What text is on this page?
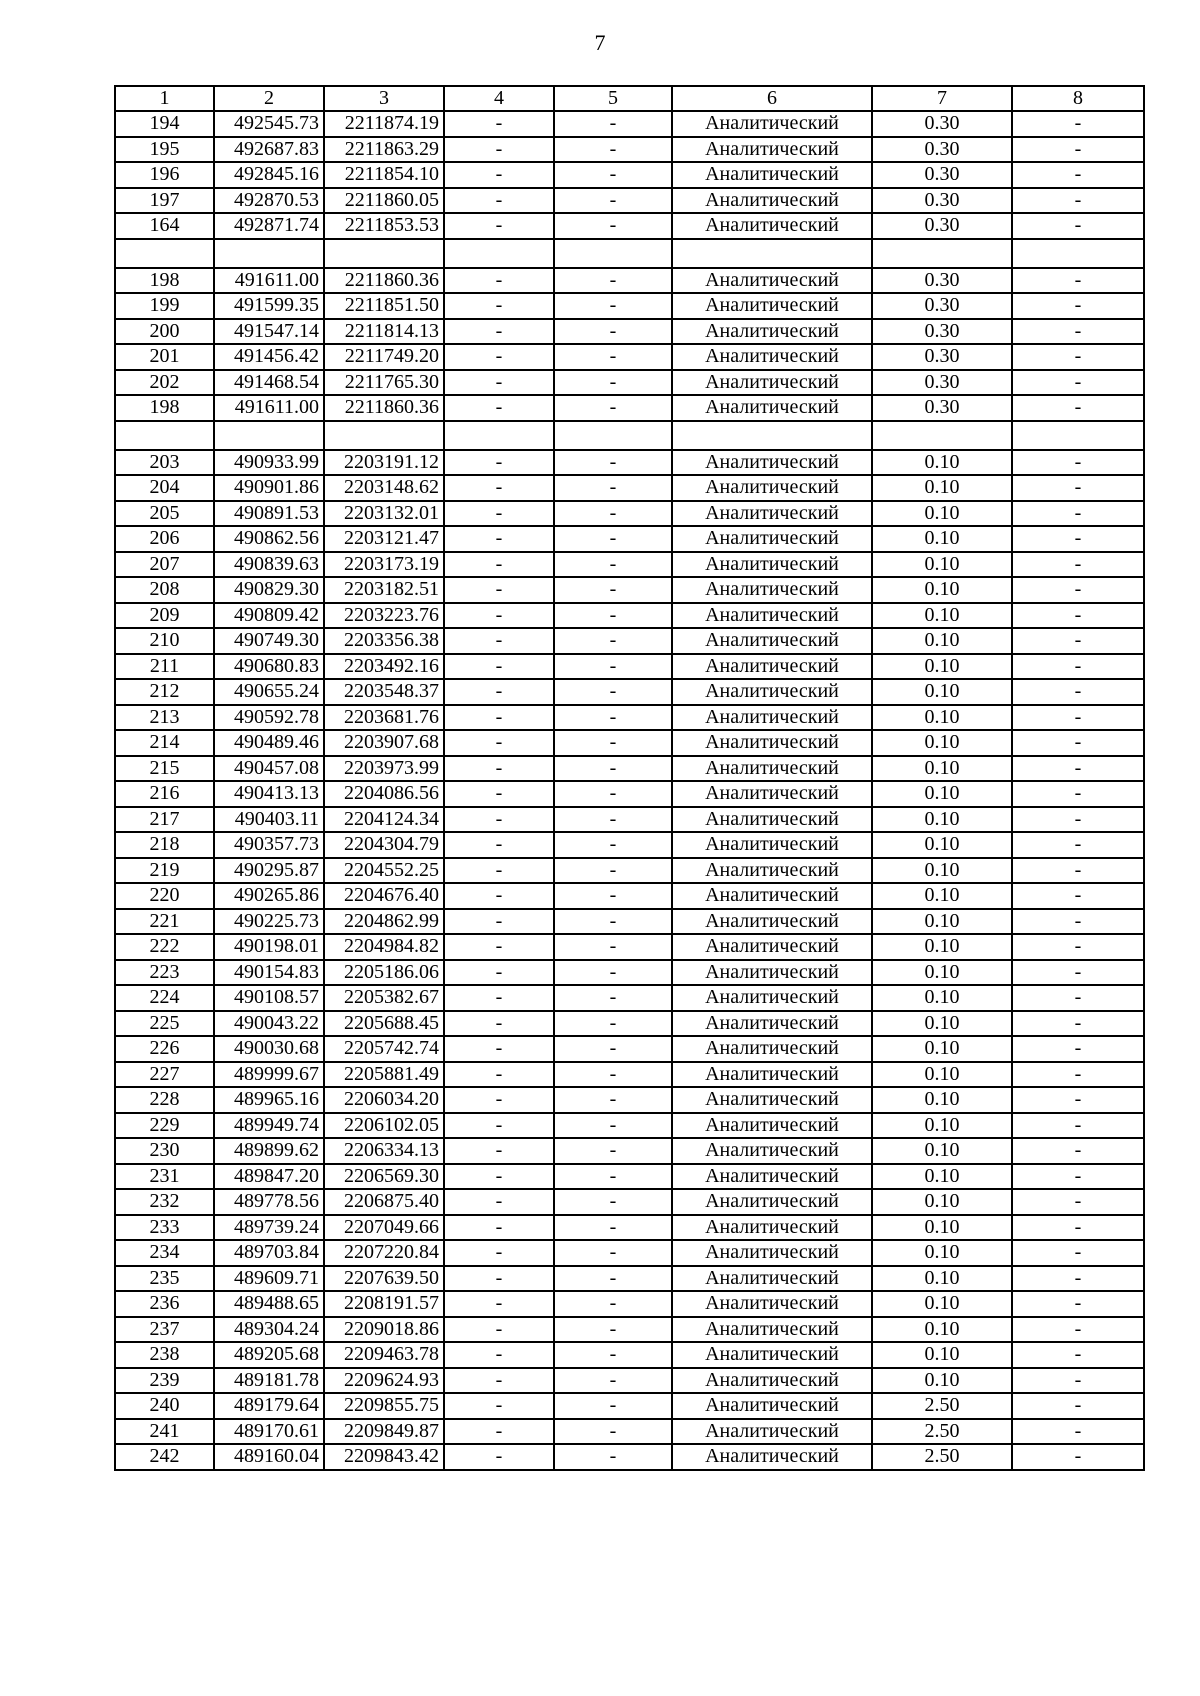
7
1	2	3	4	5	6	7	8
194	492545.73	2211874.19	-	-	Аналитический	0.30	-
195	492687.83	2211863.29	-	-	Аналитический	0.30	-
196	492845.16	2211854.10	-	-	Аналитический	0.30	-
197	492870.53	2211860.05	-	-	Аналитический	0.30	-
164	492871.74	2211853.53	-	-	Аналитический	0.30	-

198	491611.00	2211860.36	-	-	Аналитический	0.30	-
199	491599.35	2211851.50	-	-	Аналитический	0.30	-
200	491547.14	2211814.13	-	-	Аналитический	0.30	-
201	491456.42	2211749.20	-	-	Аналитический	0.30	-
202	491468.54	2211765.30	-	-	Аналитический	0.30	-
198	491611.00	2211860.36	-	-	Аналитический	0.30	-

203	490933.99	2203191.12	-	-	Аналитический	0.10	-
204	490901.86	2203148.62	-	-	Аналитический	0.10	-
205	490891.53	2203132.01	-	-	Аналитический	0.10	-
206	490862.56	2203121.47	-	-	Аналитический	0.10	-
207	490839.63	2203173.19	-	-	Аналитический	0.10	-
208	490829.30	2203182.51	-	-	Аналитический	0.10	-
209	490809.42	2203223.76	-	-	Аналитический	0.10	-
210	490749.30	2203356.38	-	-	Аналитический	0.10	-
211	490680.83	2203492.16	-	-	Аналитический	0.10	-
212	490655.24	2203548.37	-	-	Аналитический	0.10	-
213	490592.78	2203681.76	-	-	Аналитический	0.10	-
214	490489.46	2203907.68	-	-	Аналитический	0.10	-
215	490457.08	2203973.99	-	-	Аналитический	0.10	-
216	490413.13	2204086.56	-	-	Аналитический	0.10	-
217	490403.11	2204124.34	-	-	Аналитический	0.10	-
218	490357.73	2204304.79	-	-	Аналитический	0.10	-
219	490295.87	2204552.25	-	-	Аналитический	0.10	-
220	490265.86	2204676.40	-	-	Аналитический	0.10	-
221	490225.73	2204862.99	-	-	Аналитический	0.10	-
222	490198.01	2204984.82	-	-	Аналитический	0.10	-
223	490154.83	2205186.06	-	-	Аналитический	0.10	-
224	490108.57	2205382.67	-	-	Аналитический	0.10	-
225	490043.22	2205688.45	-	-	Аналитический	0.10	-
226	490030.68	2205742.74	-	-	Аналитический	0.10	-
227	489999.67	2205881.49	-	-	Аналитический	0.10	-
228	489965.16	2206034.20	-	-	Аналитический	0.10	-
229	489949.74	2206102.05	-	-	Аналитический	0.10	-
230	489899.62	2206334.13	-	-	Аналитический	0.10	-
231	489847.20	2206569.30	-	-	Аналитический	0.10	-
232	489778.56	2206875.40	-	-	Аналитический	0.10	-
233	489739.24	2207049.66	-	-	Аналитический	0.10	-
234	489703.84	2207220.84	-	-	Аналитический	0.10	-
235	489609.71	2207639.50	-	-	Аналитический	0.10	-
236	489488.65	2208191.57	-	-	Аналитический	0.10	-
237	489304.24	2209018.86	-	-	Аналитический	0.10	-
238	489205.68	2209463.78	-	-	Аналитический	0.10	-
239	489181.78	2209624.93	-	-	Аналитический	0.10	-
240	489179.64	2209855.75	-	-	Аналитический	2.50	-
241	489170.61	2209849.87	-	-	Аналитический	2.50	-
242	489160.04	2209843.42	-	-	Аналитический	2.50	-
